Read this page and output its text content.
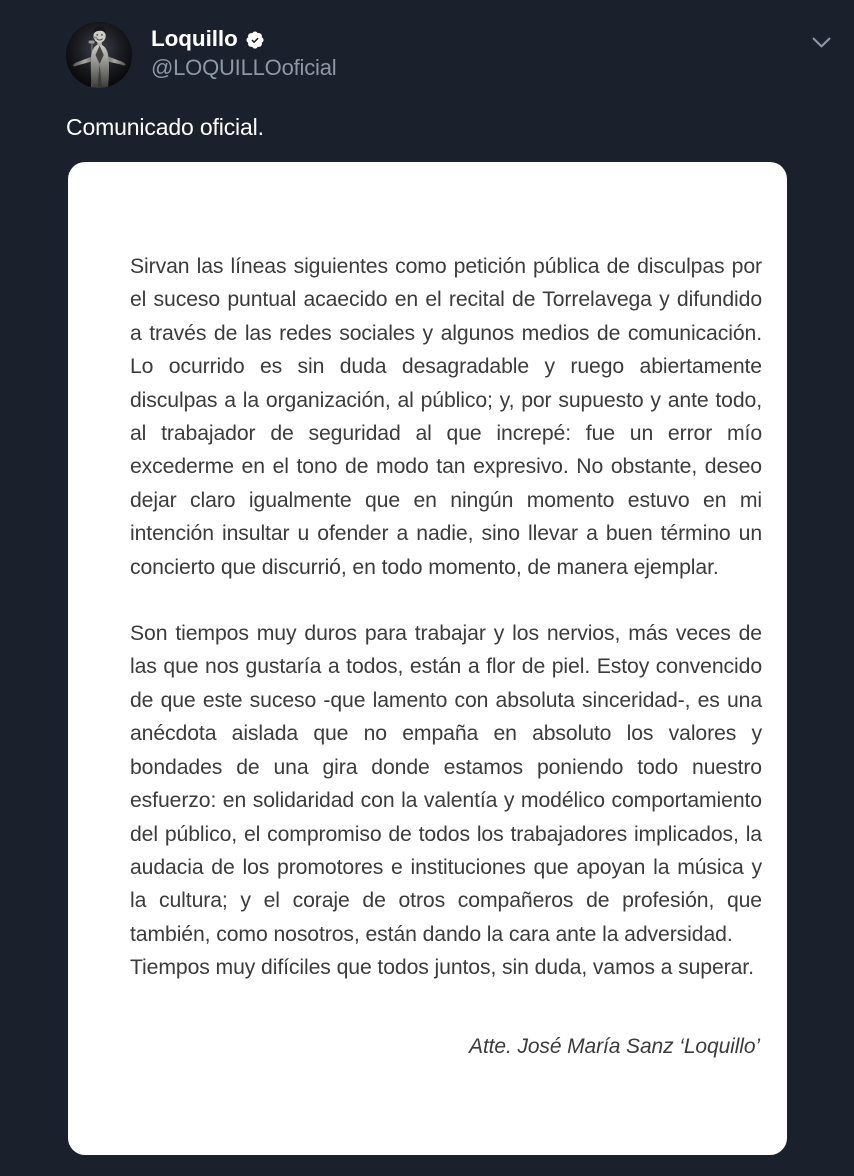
Loquillo
@LOQUILLOoficial
Comunicado oficial.
Sirvan las líneas siguientes como petición pública de disculpas por el suceso puntual acaecido en el recital de Torrelavega y difundido a través de las redes sociales y algunos medios de comunicación. Lo ocurrido es sin duda desagradable y ruego abiertamente disculpas a la organización, al público; y, por supuesto y ante todo, al trabajador de seguridad al que increpé: fue un error mío excederme en el tono de modo tan expresivo. No obstante, deseo dejar claro igualmente que en ningún momento estuvo en mi intención insultar u ofender a nadie, sino llevar a buen término un concierto que discurrió, en todo momento, de manera ejemplar.
Son tiempos muy duros para trabajar y los nervios, más veces de las que nos gustaría a todos, están a flor de piel. Estoy convencido de que este suceso -que lamento con absoluta sinceridad-, es una anécdota aislada que no empaña en absoluto los valores y bondades de una gira donde estamos poniendo todo nuestro esfuerzo: en solidaridad con la valentía y modélico comportamiento del público, el compromiso de todos los trabajadores implicados, la audacia de los promotores e instituciones que apoyan la música y la cultura; y el coraje de otros compañeros de profesión, que también, como nosotros, están dando la cara ante la adversidad.
Tiempos muy difíciles que todos juntos, sin duda, vamos a superar.
Atte. José María Sanz ‘Loquillo’
